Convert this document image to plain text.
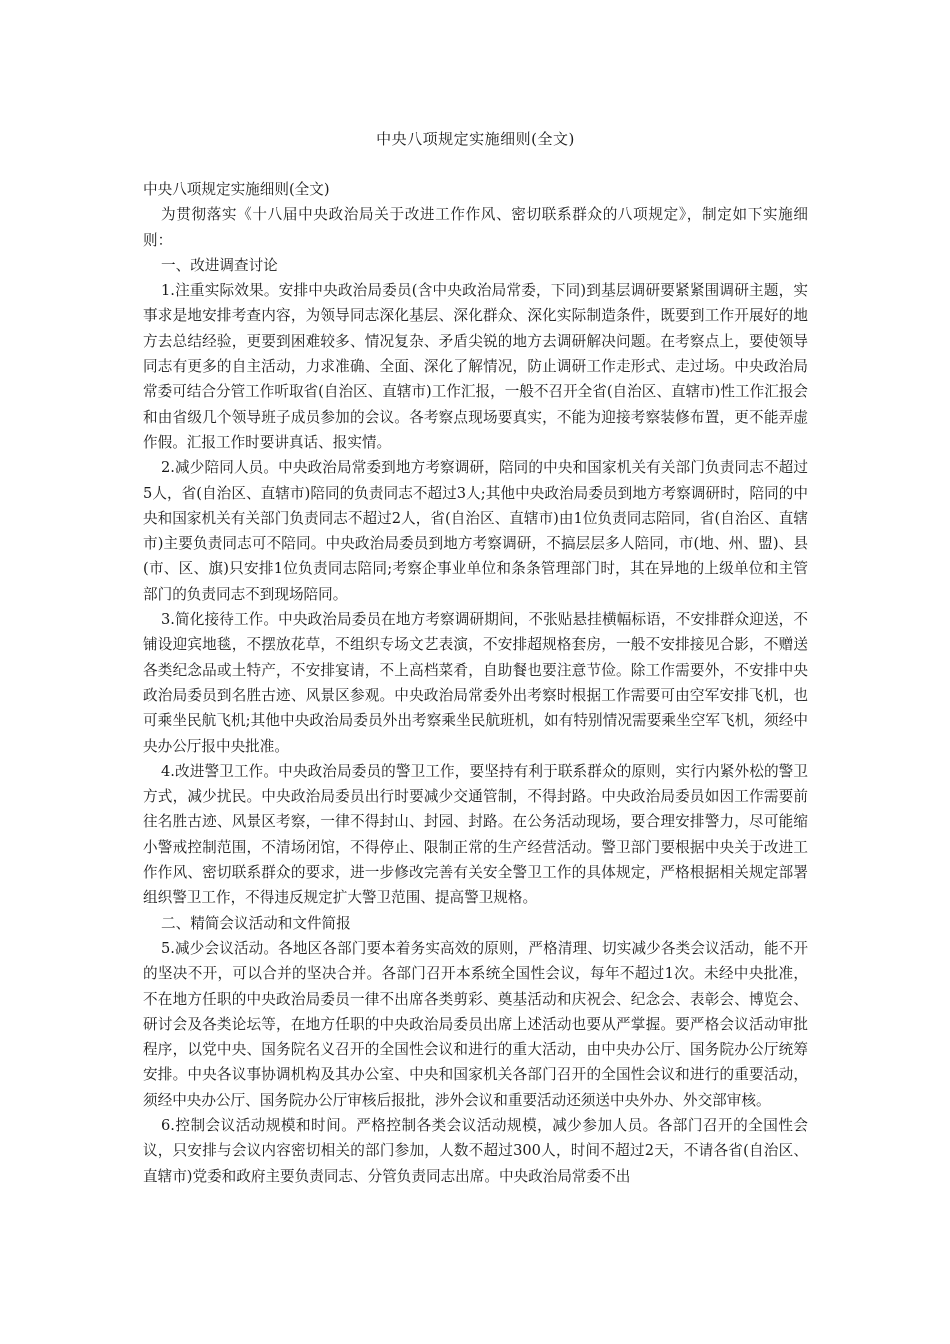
中央八项规定实施细则(全文)

中央八项规定实施细则(全文)

为贯彻落实《十八届中央政治局关于改进工作作风、密切联系群众的八项规定》，制定如下实施细则：

一、改进调查讨论

1.注重实际效果。安排中央政治局委员(含中央政治局常委，下同)到基层调研要紧紧围调研主题，实事求是地安排考查内容，为领导同志深化基层、深化群众、深化实际制造条件，既要到工作开展好的地方去总结经验，更要到困难较多、情况复杂、矛盾尖锐的地方去调研解决问题。在考察点上，要使领导同志有更多的自主活动，力求准确、全面、深化了解情况，防止调研工作走形式、走过场。中央政治局常委可结合分管工作听取省(自治区、直辖市)工作汇报，一般不召开全省(自治区、直辖市)性工作汇报会和由省级几个领导班子成员参加的会议。各考察点现场要真实，不能为迎接考察装修布置，更不能弄虚作假。汇报工作时要讲真话、报实情。

2.减少陪同人员。中央政治局常委到地方考察调研，陪同的中央和国家机关有关部门负责同志不超过5人，省(自治区、直辖市)陪同的负责同志不超过3人;其他中央政治局委员到地方考察调研时，陪同的中央和国家机关有关部门负责同志不超过2人，省(自治区、直辖市)由1位负责同志陪同，省(自治区、直辖市)主要负责同志可不陪同。中央政治局委员到地方考察调研，不搞层层多人陪同，市(地、州、盟)、县(市、区、旗)只安排1位负责同志陪同;考察企事业单位和条条管理部门时，其在异地的上级单位和主管部门的负责同志不到现场陪同。

3.简化接待工作。中央政治局委员在地方考察调研期间，不张贴悬挂横幅标语，不安排群众迎送，不铺设迎宾地毯，不摆放花草，不组织专场文艺表演，不安排超规格套房，一般不安排接见合影，不赠送各类纪念品或土特产，不安排宴请，不上高档菜肴，自助餐也要注意节俭。除工作需要外，不安排中央政治局委员到名胜古迹、风景区参观。中央政治局常委外出考察时根据工作需要可由空军安排飞机，也可乘坐民航飞机;其他中央政治局委员外出考察乘坐民航班机，如有特别情况需要乘坐空军飞机，须经中央办公厅报中央批准。

4.改进警卫工作。中央政治局委员的警卫工作，要坚持有利于联系群众的原则，实行内紧外松的警卫方式，减少扰民。中央政治局委员出行时要减少交通管制，不得封路。中央政治局委员如因工作需要前往名胜古迹、风景区考察，一律不得封山、封园、封路。在公务活动现场，要合理安排警力，尽可能缩小警戒控制范围，不清场闭馆，不得停止、限制正常的生产经营活动。警卫部门要根据中央关于改进工作作风、密切联系群众的要求，进一步修改完善有关安全警卫工作的具体规定，严格根据相关规定部署组织警卫工作，不得违反规定扩大警卫范围、提高警卫规格。

二、精简会议活动和文件简报

5.减少会议活动。各地区各部门要本着务实高效的原则，严格清理、切实减少各类会议活动，能不开的坚决不开，可以合并的坚决合并。各部门召开本系统全国性会议，每年不超过1次。未经中央批准，不在地方任职的中央政治局委员一律不出席各类剪彩、奠基活动和庆祝会、纪念会、表彰会、博览会、研讨会及各类论坛等，在地方任职的中央政治局委员出席上述活动也要从严掌握。要严格会议活动审批程序，以党中央、国务院名义召开的全国性会议和进行的重大活动，由中央办公厅、国务院办公厅统筹安排。中央各议事协调机构及其办公室、中央和国家机关各部门召开的全国性会议和进行的重要活动，须经中央办公厅、国务院办公厅审核后报批，涉外会议和重要活动还须送中央外办、外交部审核。

6.控制会议活动规模和时间。严格控制各类会议活动规模，减少参加人员。各部门召开的全国性会议，只安排与会议内容密切相关的部门参加，人数不超过300人，时间不超过2天，不请各省(自治区、直辖市)党委和政府主要负责同志、分管负责同志出席。中央政治局常委不出
